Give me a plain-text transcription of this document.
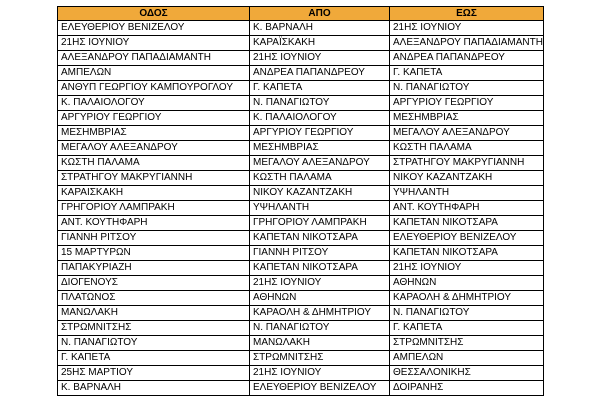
ΟΔΟΣ	ΑΠΟ	ΕΩΣ
ΕΛΕΥΘΕΡΙΟΥ ΒΕΝΙΖΕΛΟΥ	Κ. ΒΑΡΝΑΛΗ	21ΗΣ ΙΟΥΝΙΟΥ
21ΗΣ ΙΟΥΝΙΟΥ	ΚΑΡΑΪΣΚΑΚΗ	ΑΛΕΞΑΝΔΡΟΥ ΠΑΠΑΔΙΑΜΑΝΤΗ
ΑΛΕΞΑΝΔΡΟΥ ΠΑΠΑΔΙΑΜΑΝΤΗ	21ΗΣ ΙΟΥΝΙΟΥ	ΑΝΔΡΕΑ ΠΑΠΑΝΔΡΕΟΥ
ΑΜΠΕΛΩΝ	ΑΝΔΡΕΑ ΠΑΠΑΝΔΡΕΟΥ	Γ. ΚΑΠΕΤΑ
ΑΝΘΥΠ ΓΕΩΡΓΙΟΥ ΚΑΜΠΟΥΡΟΓΛΟΥ	Γ. ΚΑΠΕΤΑ	Ν. ΠΑΝΑΓΙΩΤΟΥ
Κ. ΠΑΛΑΙΟΛΟΓΟΥ	Ν. ΠΑΝΑΓΙΩΤΟΥ	ΑΡΓΥΡΙΟΥ ΓΕΩΡΓΙΟΥ
ΑΡΓΥΡΙΟΥ ΓΕΩΡΓΙΟΥ	Κ. ΠΑΛΑΙΟΛΟΓΟΥ	ΜΕΣΗΜΒΡΙΑΣ
ΜΕΣΗΜΒΡΙΑΣ	ΑΡΓΥΡΙΟΥ ΓΕΩΡΓΙΟΥ	ΜΕΓΑΛΟΥ ΑΛΕΞΑΝΔΡΟΥ
ΜΕΓΑΛΟΥ ΑΛΕΞΑΝΔΡΟΥ	ΜΕΣΗΜΒΡΙΑΣ	ΚΩΣΤΗ ΠΑΛΑΜΑ
ΚΩΣΤΗ ΠΑΛΑΜΑ	ΜΕΓΑΛΟΥ ΑΛΕΞΑΝΔΡΟΥ	ΣΤΡΑΤΗΓΟΥ ΜΑΚΡΥΓΙΑΝΝΗ
ΣΤΡΑΤΗΓΟΥ ΜΑΚΡΥΓΙΑΝΝΗ	ΚΩΣΤΗ ΠΑΛΑΜΑ	ΝΙΚΟΥ ΚΑΖΑΝΤΖΑΚΗ
ΚΑΡΑΙΣΚΑΚΗ	ΝΙΚΟΥ ΚΑΖΑΝΤΖΑΚΗ	ΥΨΗΛΑΝΤΗ
ΓΡΗΓΟΡΙΟΥ ΛΑΜΠΡΑΚΗ	ΥΨΗΛΑΝΤΗ	ΑΝΤ. ΚΟΥΤΗΦΑΡΗ
ΑΝΤ. ΚΟΥΤΗΦΑΡΗ	ΓΡΗΓΟΡΙΟΥ ΛΑΜΠΡΑΚΗ	ΚΑΠΕΤΑΝ ΝΙΚΟΤΣΑΡΑ
ΓΙΑΝΝΗ ΡΙΤΣΟΥ	ΚΑΠΕΤΑΝ ΝΙΚΟΤΣΑΡΑ	ΕΛΕΥΘΕΡΙΟΥ ΒΕΝΙΖΕΛΟΥ
15 ΜΑΡΤΥΡΩΝ	ΓΙΑΝΝΗ ΡΙΤΣΟΥ	ΚΑΠΕΤΑΝ ΝΙΚΟΤΣΑΡΑ
ΠΑΠΑΚΥΡΙΑΖΗ	ΚΑΠΕΤΑΝ ΝΙΚΟΤΣΑΡΑ	21ΗΣ ΙΟΥΝΙΟΥ
ΔΙΟΓΕΝΟΥΣ	21ΗΣ ΙΟΥΝΙΟΥ	ΑΘΗΝΩΝ
ΠΛΑΤΩΝΟΣ	ΑΘΗΝΩΝ	ΚΑΡΑΟΛΗ & ΔΗΜΗΤΡΙΟΥ
ΜΑΝΩΛΑΚΗ	ΚΑΡΑΟΛΗ & ΔΗΜΗΤΡΙΟΥ	Ν. ΠΑΝΑΓΙΩΤΟΥ
ΣΤΡΩΜΝΙΤΣΗΣ	Ν. ΠΑΝΑΓΙΩΤΟΥ	Γ. ΚΑΠΕΤΑ
Ν. ΠΑΝΑΓΙΩΤΟΥ	ΜΑΝΩΛΑΚΗ	ΣΤΡΩΜΝΙΤΣΗΣ
Γ. ΚΑΠΕΤΑ	ΣΤΡΩΜΝΙΤΣΗΣ	ΑΜΠΕΛΩΝ
25ΗΣ ΜΑΡΤΙΟΥ	21ΗΣ ΙΟΥΝΙΟΥ	ΘΕΣΣΑΛΟΝΙΚΗΣ
Κ. ΒΑΡΝΑΛΗ	ΕΛΕΥΘΕΡΙΟΥ ΒΕΝΙΖΕΛΟΥ	ΔΟΙΡΑΝΗΣ
